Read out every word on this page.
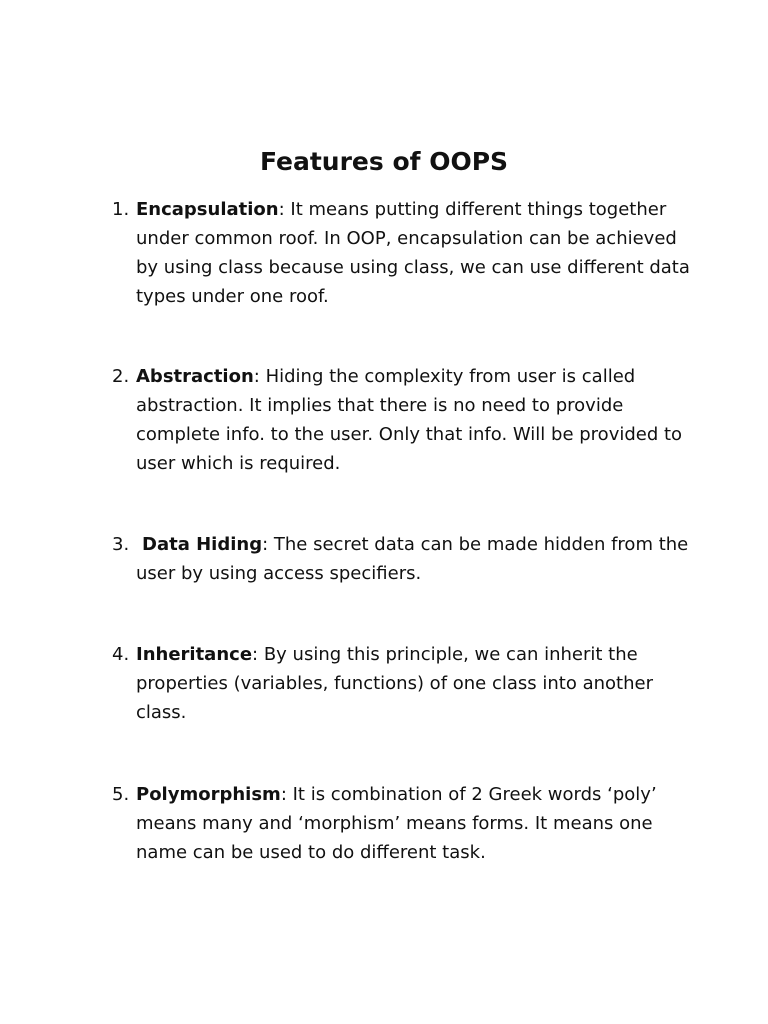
Features of OOPS
1. Encapsulation: It means putting different things together under common roof. In OOP, encapsulation can be achieved by using class because using class, we can use different data types under one roof.
2. Abstraction: Hiding the complexity from user is called abstraction. It implies that there is no need to provide complete info. to the user. Only that info. Will be provided to user which is required.
3. Data Hiding: The secret data can be made hidden from the user by using access specifiers.
4. Inheritance: By using this principle, we can inherit the properties (variables, functions) of one class into another class.
5. Polymorphism: It is combination of 2 Greek words ‘poly’ means many and ‘morphism’ means forms. It means one name can be used to do different task.
